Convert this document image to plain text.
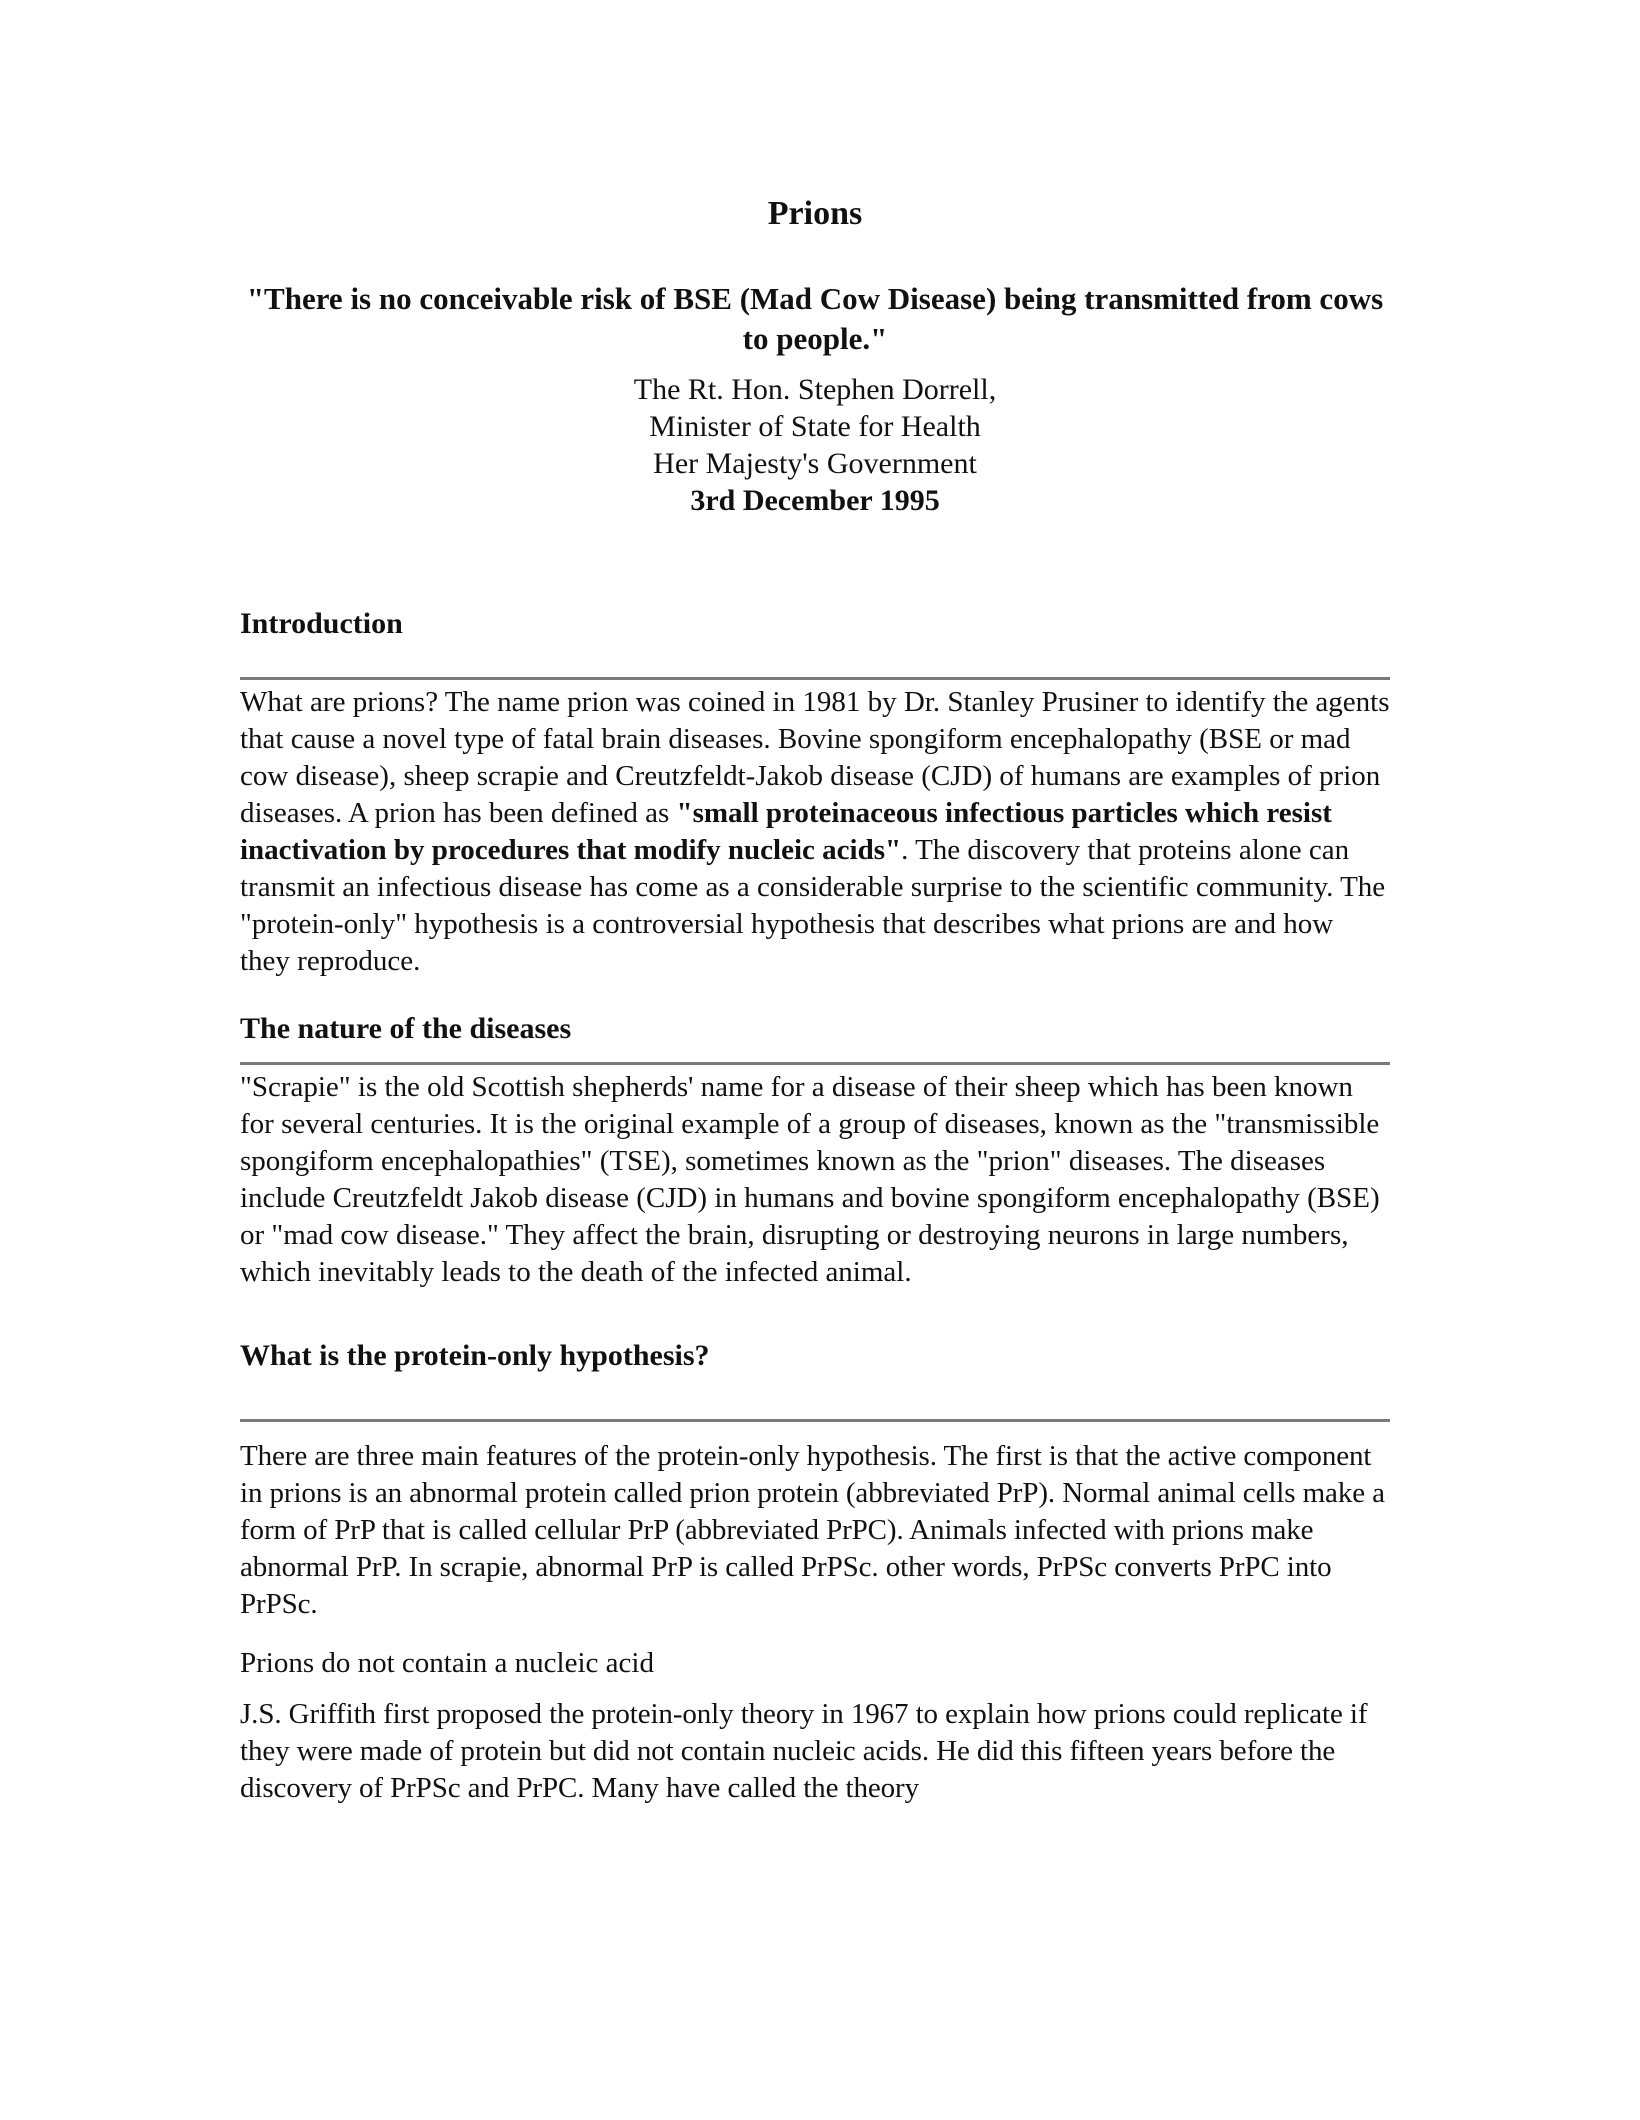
Prions

"There is no conceivable risk of BSE (Mad Cow Disease) being transmitted from cows to people."

The Rt. Hon. Stephen Dorrell,
Minister of State for Health
Her Majesty's Government
3rd December 1995
Introduction

What are prions? The name prion was coined in 1981 by Dr. Stanley Prusiner to identify the agents that cause a novel type of fatal brain diseases. Bovine spongiform encephalopathy (BSE or mad cow disease), sheep scrapie and Creutzfeldt-Jakob disease (CJD) of humans are examples of prion diseases. A prion has been defined as "small proteinaceous infectious particles which resist inactivation by procedures that modify nucleic acids". The discovery that proteins alone can transmit an infectious disease has come as a considerable surprise to the scientific community. The "protein-only" hypothesis is a controversial hypothesis that describes what prions are and how they reproduce.

The nature of the diseases

"Scrapie" is the old Scottish shepherds' name for a disease of their sheep which has been known for several centuries. It is the original example of a group of diseases, known as the "transmissible spongiform encephalopathies" (TSE), sometimes known as the "prion" diseases. The diseases include Creutzfeldt Jakob disease (CJD) in humans and bovine spongiform encephalopathy (BSE) or "mad cow disease." They affect the brain, disrupting or destroying neurons in large numbers, which inevitably leads to the death of the infected animal.

What is the protein-only hypothesis?

There are three main features of the protein-only hypothesis. The first is that the active component in prions is an abnormal protein called prion protein (abbreviated PrP). Normal animal cells make a form of PrP that is called cellular PrP (abbreviated PrPC). Animals infected with prions make abnormal PrP. In scrapie, abnormal PrP is called PrPSc. other words, PrPSc converts PrPC into PrPSc.

Prions do not contain a nucleic acid

J.S. Griffith first proposed the protein-only theory in 1967 to explain how prions could replicate if they were made of protein but did not contain nucleic acids. He did this fifteen years before the discovery of PrPSc and PrPC. Many have called the theory
